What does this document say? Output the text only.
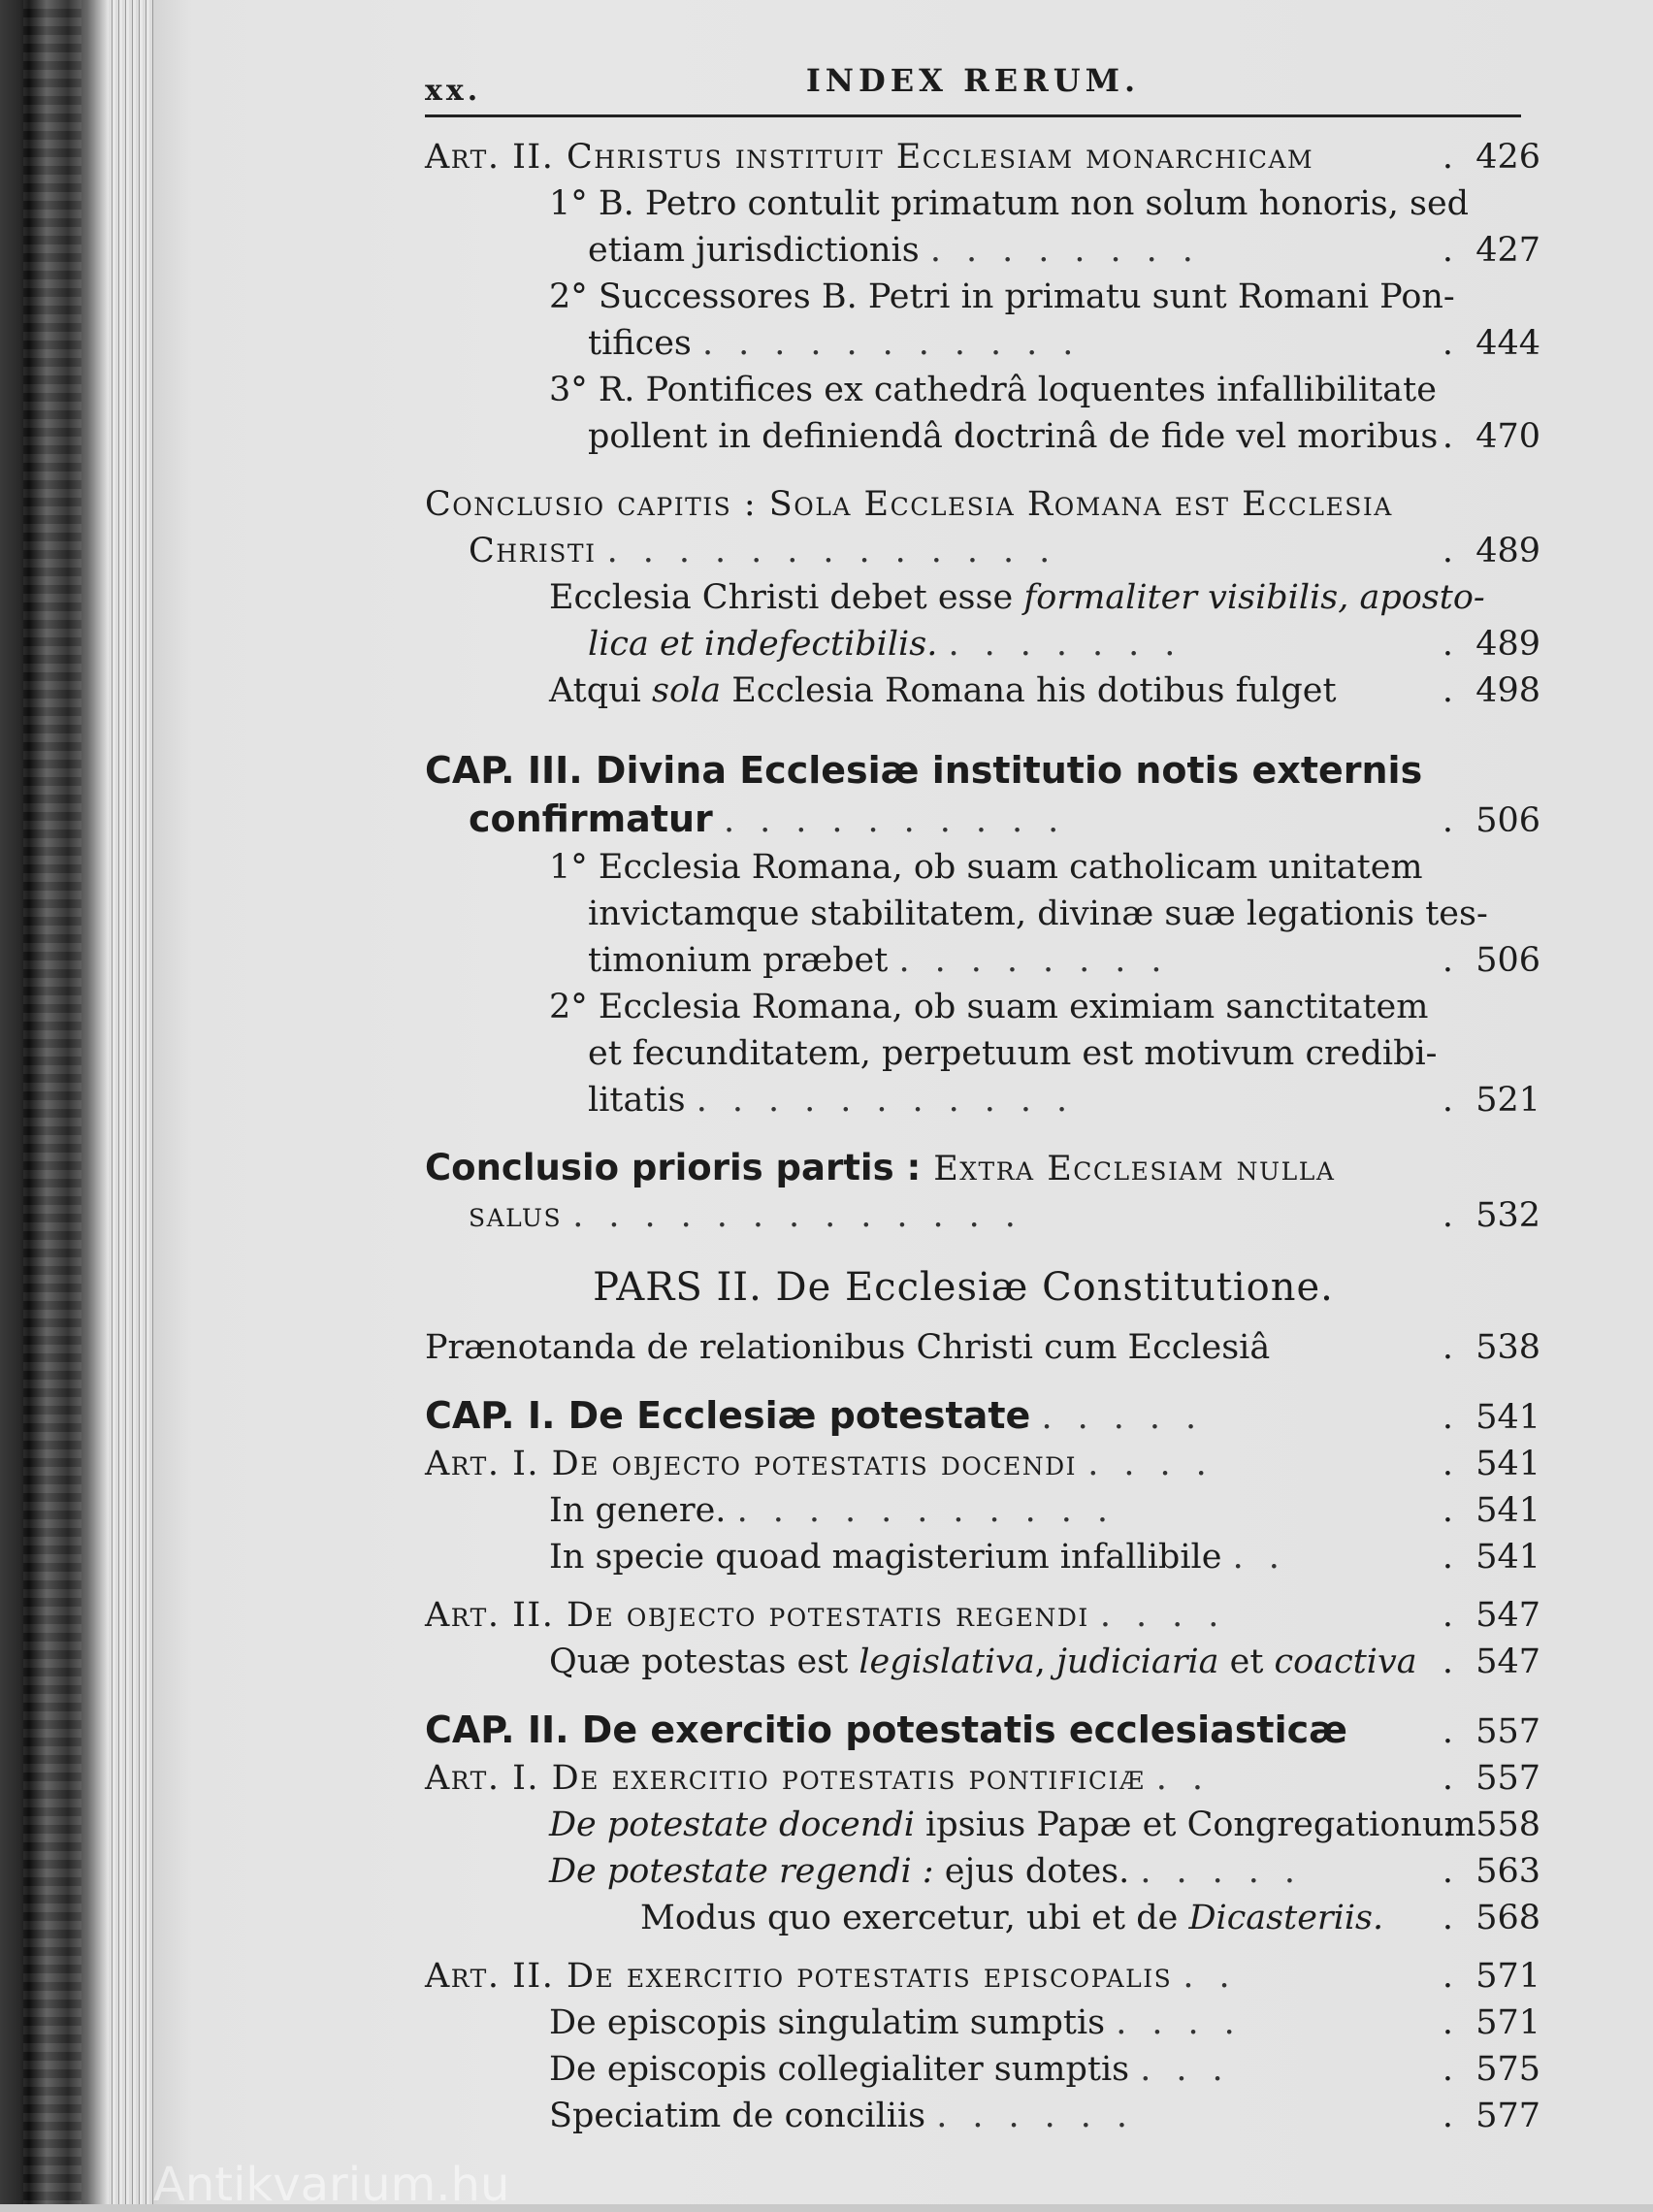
Antikvarium.hu
xx.	INDEX RERUM.
Art. II. Christus instituit Ecclesiam monarchicam	. 426
1° B. Petro contulit primatum non solum honoris, sed
etiam jurisdictionis ........	. 427
2° Successores B. Petri in primatu sunt Romani Pon-
tifices ...........	. 444
3° R. Pontifices ex cathedrâ loquentes infallibilitate
pollent in definiendâ doctrinâ de fide vel moribus	. 470
Conclusio capitis : Sola Ecclesia Romana est Ecclesia
Christi .............	. 489
Ecclesia Christi debet esse formaliter visibilis, aposto-
lica et indefectibilis. .......	. 489
Atqui sola Ecclesia Romana his dotibus fulget	. 498
CAP. III. Divina Ecclesiæ institutio notis externis
confirmatur ..........	. 506
1° Ecclesia Romana, ob suam catholicam unitatem
invictamque stabilitatem, divinæ suæ legationis tes-
timonium præbet ........	. 506
2° Ecclesia Romana, ob suam eximiam sanctitatem
et fecunditatem, perpetuum est motivum credibi-
litatis ...........	. 521
Conclusio prioris partis : Extra Ecclesiam nulla
salus .............	. 532
PARS II. De Ecclesiæ Constitutione.
Prænotanda de relationibus Christi cum Ecclesiâ	. 538
CAP. I. De Ecclesiæ potestate .....	. 541
Art. I. De objecto potestatis docendi ....	. 541
In genere. ...........	. 541
In specie quoad magisterium infallibile ..	. 541
Art. II. De objecto potestatis regendi ....	. 547
Quæ potestas est legislativa, judiciaria et coactiva	. 547
CAP. II. De exercitio potestatis ecclesiasticæ	. 557
Art. I. De exercitio potestatis pontificiæ ..	. 557
De potestate docendi ipsius Papæ et Congregationum . 558
De potestate regendi : ejus dotes. .....	. 563
Modus quo exercetur, ubi et de Dicasteriis.	. 568
Art. II. De exercitio potestatis episcopalis ..	. 571
De episcopis singulatim sumptis ....	. 571
De episcopis collegialiter sumptis ...	. 575
Speciatim de conciliis ......	. 577
